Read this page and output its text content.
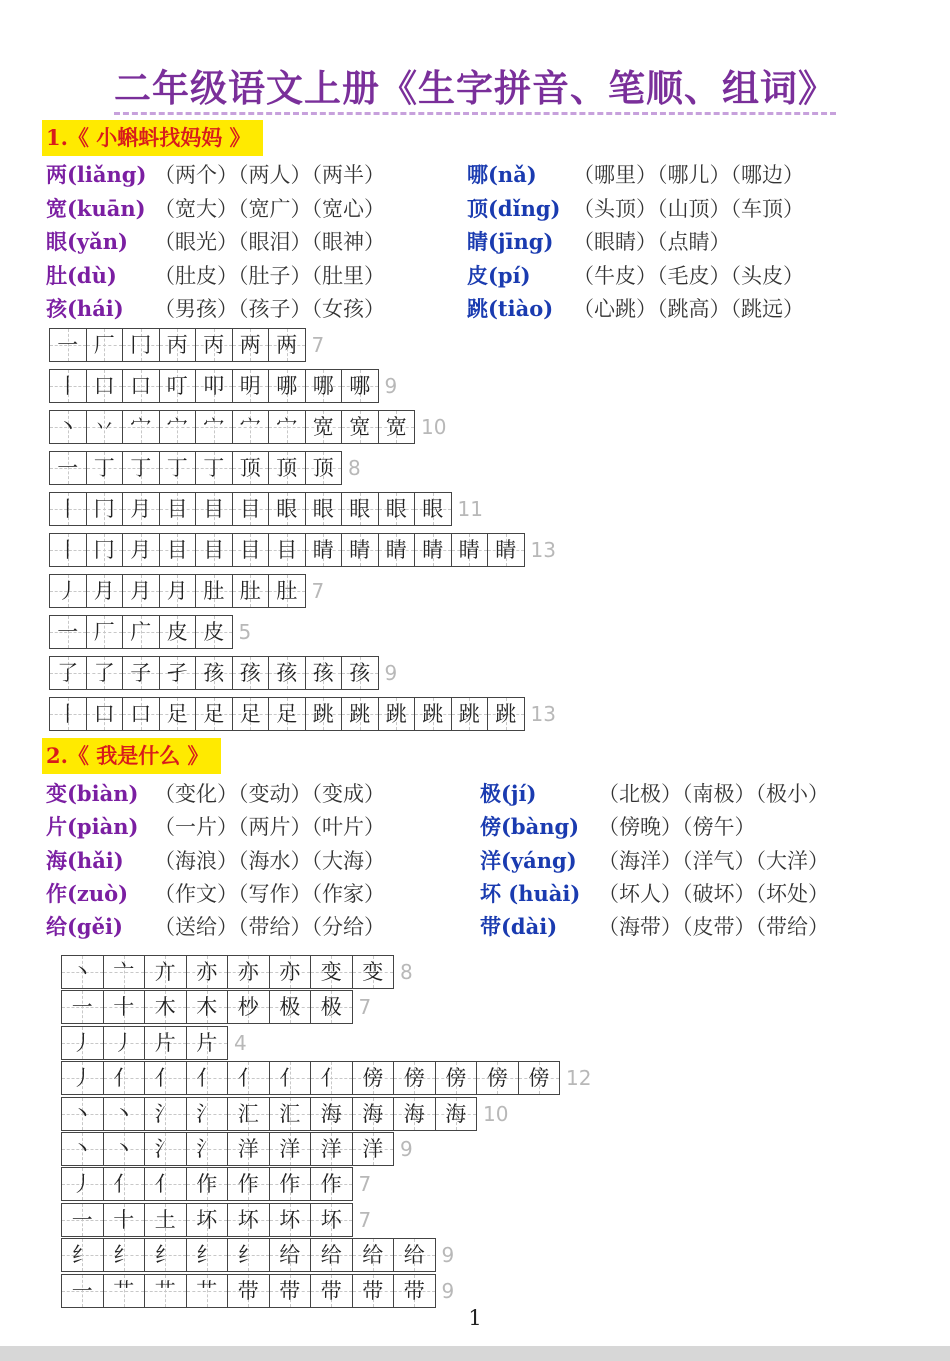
二年级语文上册《生字拼音、笔顺、组词》
1.《 小蝌蚪找妈妈 》
两(liǎng) （两个）（两人）（两半）
宽(kuān) （宽大）（宽广）（宽心）
眼(yǎn) （眼光）（眼泪）（眼神）
肚(dù) （肚皮）（肚子）（肚里）
孩(hái) （男孩）（孩子）（女孩）
哪(nǎ) （哪里）（哪儿）（哪边）
顶(dǐng) （头顶）（山顶）（车顶）
睛(jīng) （眼睛）（点睛）
皮(pí) （牛皮）（毛皮）（头皮）
跳(tiào) （心跳）（跳高）（跳远）
一 厂 冂 丙 丙 两 两 7
丨 口 口 叮 叩 明 哪 哪 哪 9
丶 丷 宀 宀 宀 宀 宀 宽 宽 宽 10
一 丁 丁 丁 丁 顶 顶 顶 8
丨 冂 月 目 目 目 眼 眼 眼 眼 眼 11
丨 冂 月 目 目 目 目 睛 睛 睛 睛 睛 睛 13
丿 月 月 月 肚 肚 肚 7
一 厂 广 皮 皮 5
了 了 子 孑 孩 孩 孩 孩 孩 9
丨 口 口 足 足 足 足 跳 跳 跳 跳 跳 跳 13
2.《 我是什么 》
变(biàn) （变化）（变动）（变成）
片(piàn) （一片）（两片）（叶片）
海(hǎi) （海浪）（海水）（大海）
作(zuò) （作文）（写作）（作家）
给(gěi) （送给）（带给）（分给）
极(jí)	（北极）（南极）（极小）
傍(bàng) （傍晚）（傍午）
洋(yáng) （海洋）（洋气）（大洋）
坏 (huài) （坏人）（破坏）（坏处）
带(dài) （海带）（皮带）（带给）
丶 亠 亣 亦 亦 亦 变 变 8
一 十 木 木 杪 极 极 7
丿 丿 片 片 4
丿 亻 亻 亻 亻 亻 亻 傍 傍 傍 傍 傍 12
丶 丶 氵 氵 汇 汇 海 海 海 海 10
丶 丶 氵 氵 洋 洋 洋 洋 9
丿 亻 亻 作 作 作 作 7
一 十 土 坏 坏 坏 坏 7
纟 纟 纟 纟 纟 给 给 给 给 9
一 艹 艹 艹 带 带 带 带 带 9
1
